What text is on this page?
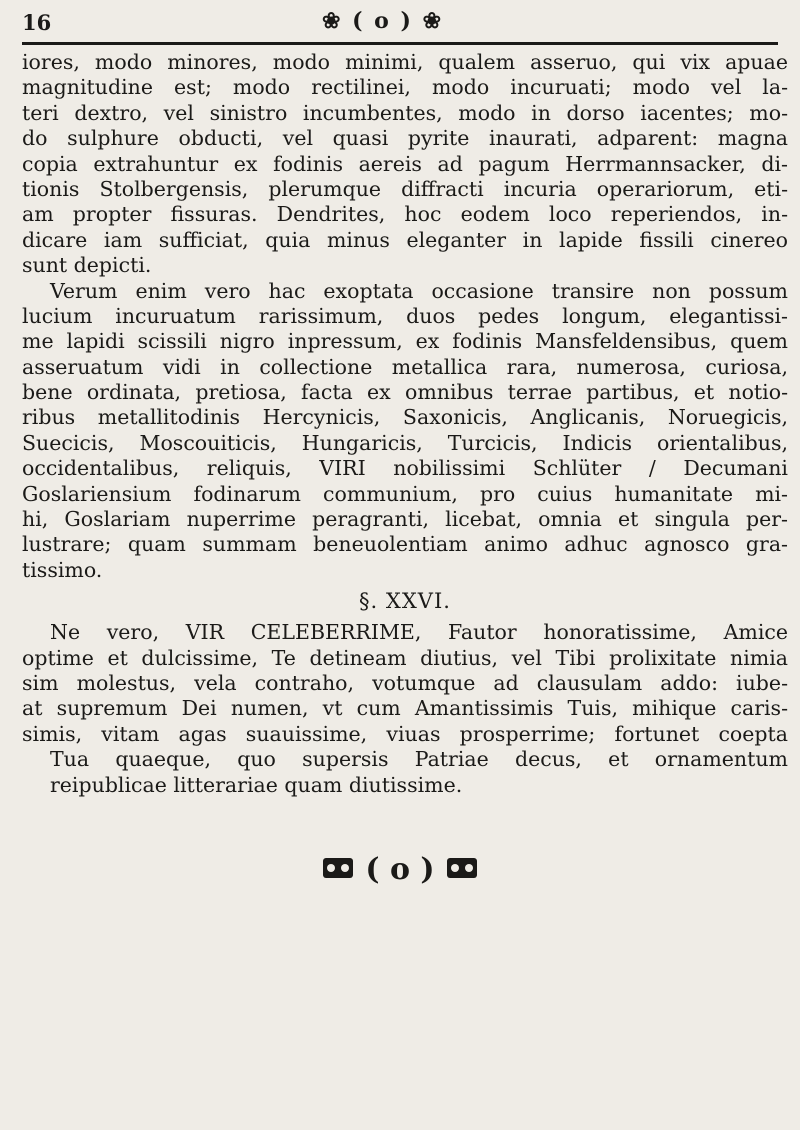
16	❀ ( o ) ❀
iores, modo minores, modo minimi, qualem asseruo, qui vix apuae
magnitudine est; modo rectilinei, modo incuruati; modo vel la-
teri dextro, vel sinistro incumbentes, modo in dorso iacentes; mo-
do sulphure obducti, vel quasi pyrite inaurati, adparent: magna
copia extrahuntur ex fodinis aereis ad pagum Herrmannsacker, di-
tionis Stolbergensis, plerumque diffracti incuria operariorum, eti-
am propter fissuras. Dendrites, hoc eodem loco reperiendos, in-
dicare iam sufficiat, quia minus eleganter in lapide fissili cinereo
sunt depicti.
Verum enim vero hac exoptata occasione transire non possum
lucium incuruatum rarissimum, duos pedes longum, elegantissi-
me lapidi scissili nigro inpressum, ex fodinis Mansfeldensibus, quem
asseruatum vidi in collectione metallica rara, numerosa, curiosa,
bene ordinata, pretiosa, facta ex omnibus terrae partibus, et notio-
ribus metallitodinis Hercynicis, Saxonicis, Anglicanis, Noruegicis,
Suecicis, Moscouiticis, Hungaricis, Turcicis, Indicis orientalibus,
occidentalibus, reliquis, VIRI nobilissimi Schlüter / Decumani
Goslariensium fodinarum communium, pro cuius humanitate mi-
hi, Goslariam nuperrime peragranti, licebat, omnia et singula per-
lustrare; quam summam beneuolentiam animo adhuc agnosco gra-
tissimo.
§. XXVI.
Ne vero, VIR CELEBERRIME, Fautor honoratissime, Amice
optime et dulcissime, Te detineam diutius, vel Tibi prolixitate nimia
sim molestus, vela contraho, votumque ad clausulam addo: iube-
at supremum Dei numen, vt cum Amantissimis Tuis, mihique caris-
simis, vitam agas suauissime, viuas prosperrime; fortunet coepta
Tua quaeque, quo supersis Patriae decus, et ornamentum
reipublicae litterariae quam diutissime.
( o )
